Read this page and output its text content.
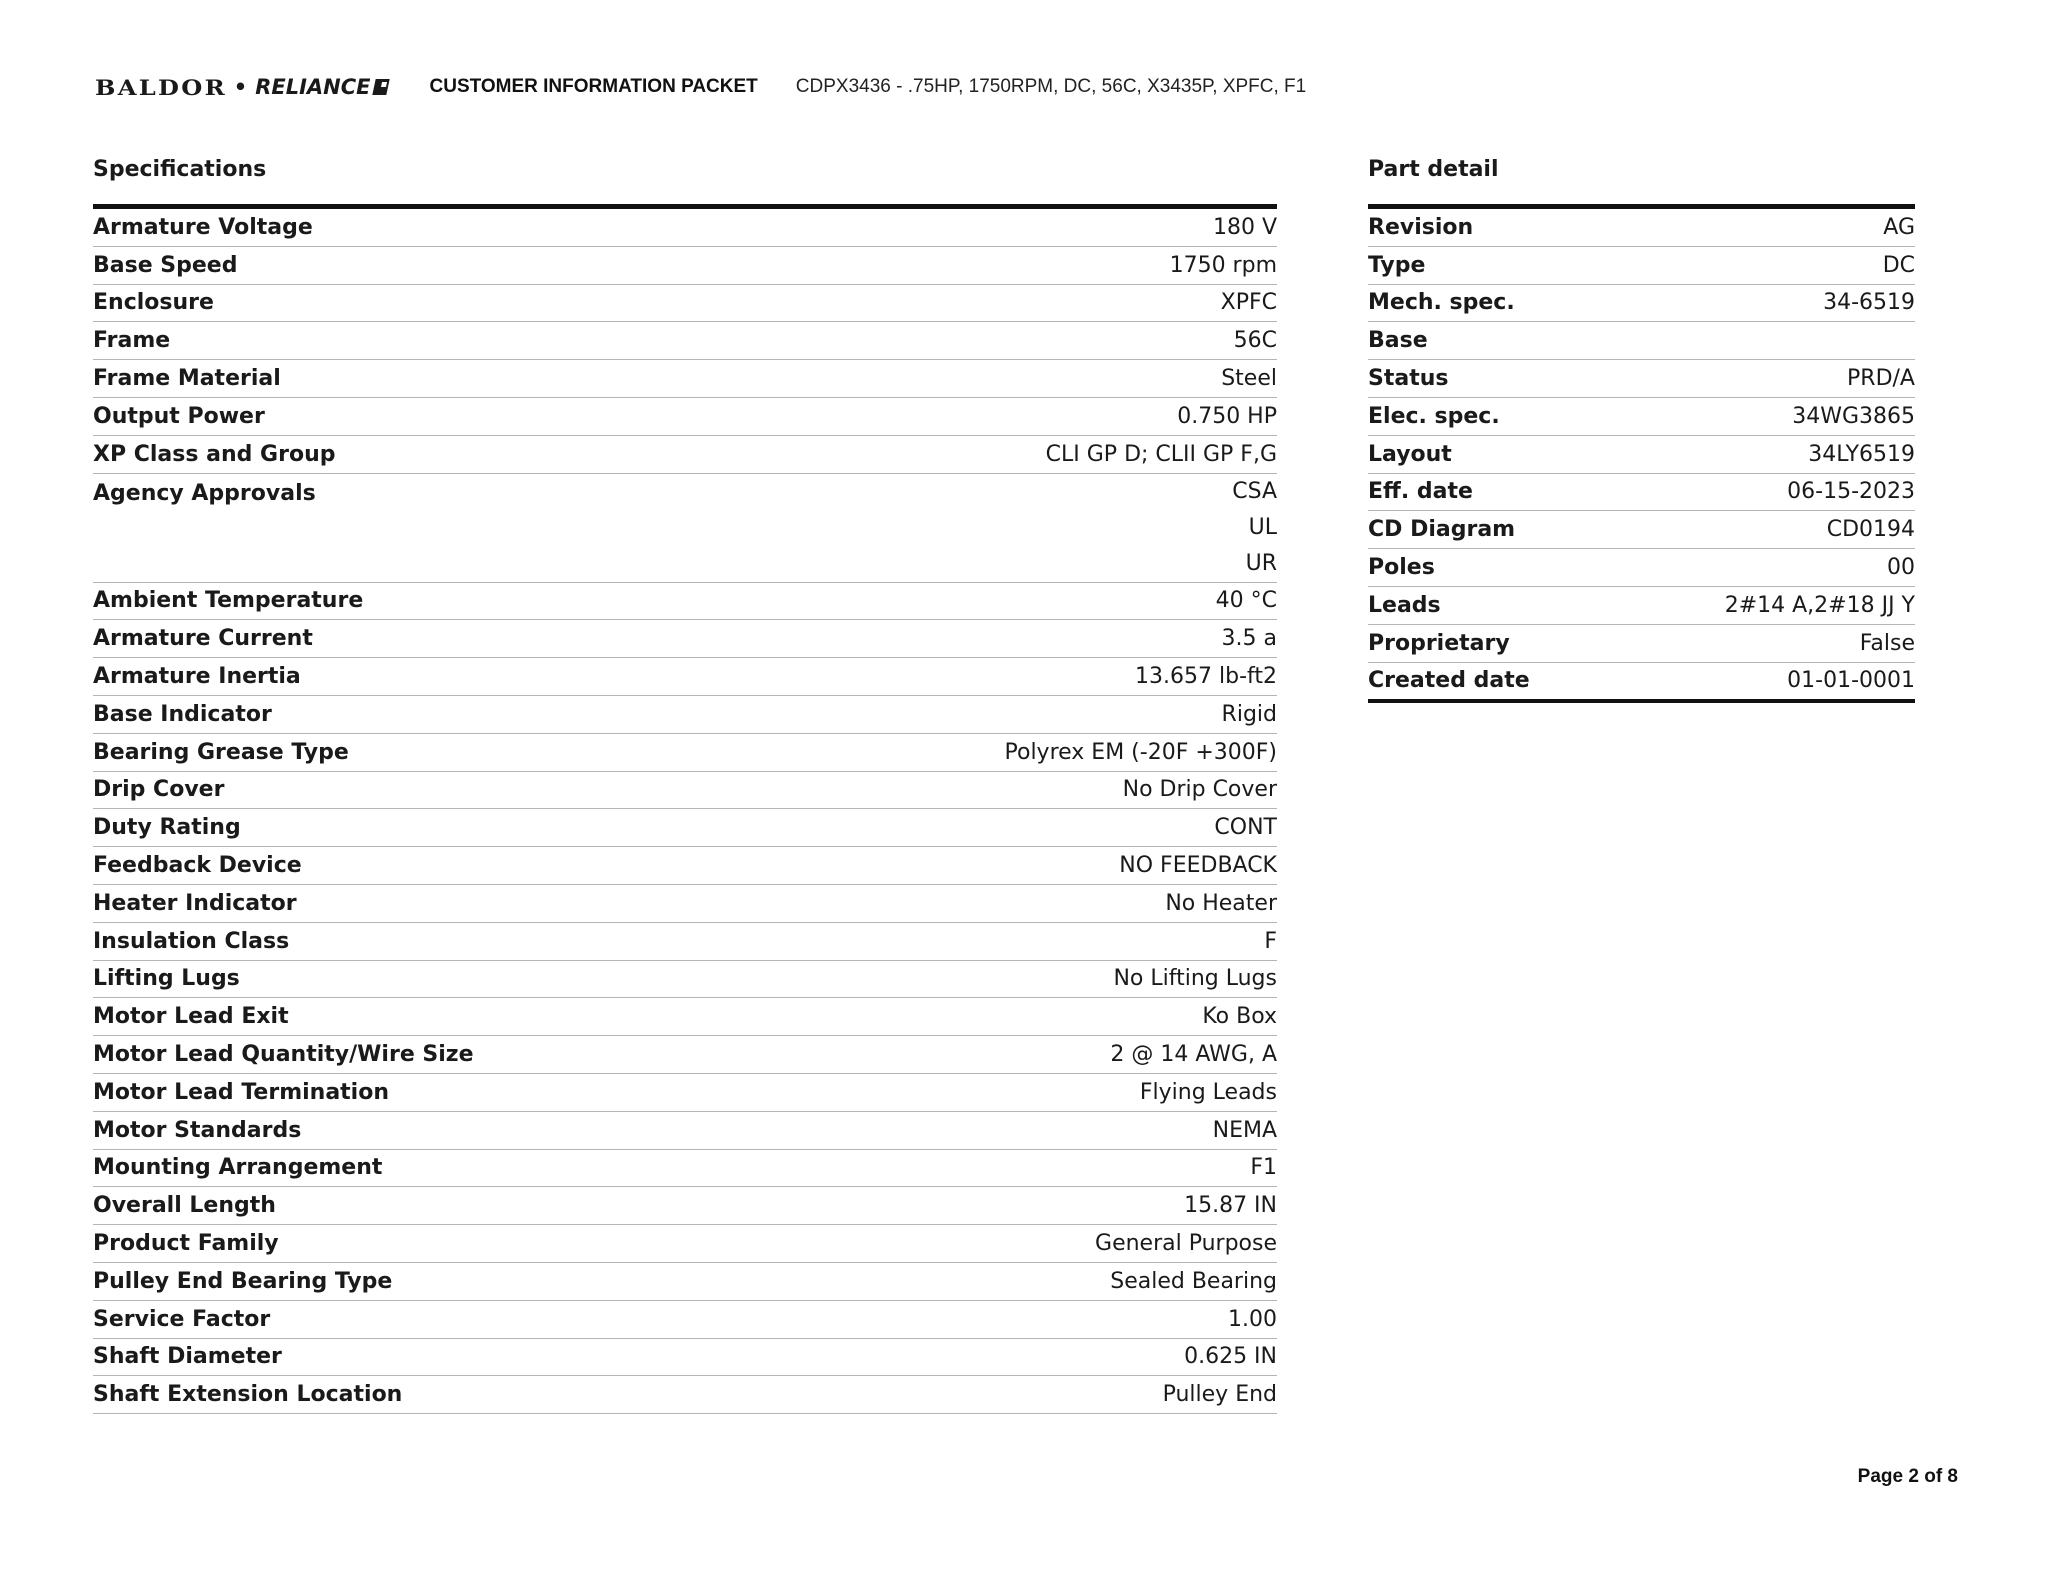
BALDOR • RELIANCE	CUSTOMER INFORMATION PACKET CDPX3436 - .75HP, 1750RPM, DC, 56C, X3435P, XPFC, F1
Specifications
Armature Voltage	180 V
Base Speed	1750 rpm
Enclosure	XPFC
Frame	56C
Frame Material	Steel
Output Power	0.750 HP
XP Class and Group	CLI GP D; CLII GP F,G
Agency Approvals	CSA
UL
UR

Ambient Temperature	40 °C
Armature Current	3.5 a
Armature Inertia	13.657 lb-ft2
Base Indicator	Rigid
Bearing Grease Type	Polyrex EM (-20F +300F)
Drip Cover	No Drip Cover
Duty Rating	CONT
Feedback Device	NO FEEDBACK
Heater Indicator	No Heater
Insulation Class	F
Lifting Lugs	No Lifting Lugs
Motor Lead Exit	Ko Box
Motor Lead Quantity/Wire Size	2 @ 14 AWG, A
Motor Lead Termination	Flying Leads
Motor Standards	NEMA
Mounting Arrangement	F1
Overall Length	15.87 IN
Product Family	General Purpose
Pulley End Bearing Type	Sealed Bearing
Service Factor	1.00
Shaft Diameter	0.625 IN
Shaft Extension Location	Pulley End
Part detail
Revision	AG
Type	DC
Mech. spec.	34-6519
Base	
Status	PRD/A
Elec. spec.	34WG3865
Layout	34LY6519
Eff. date	06-15-2023
CD Diagram	CD0194
Poles	00
Leads	2#14 A,2#18 JJ Y
Proprietary	False
Created date	01-01-0001
Page 2 of 8
